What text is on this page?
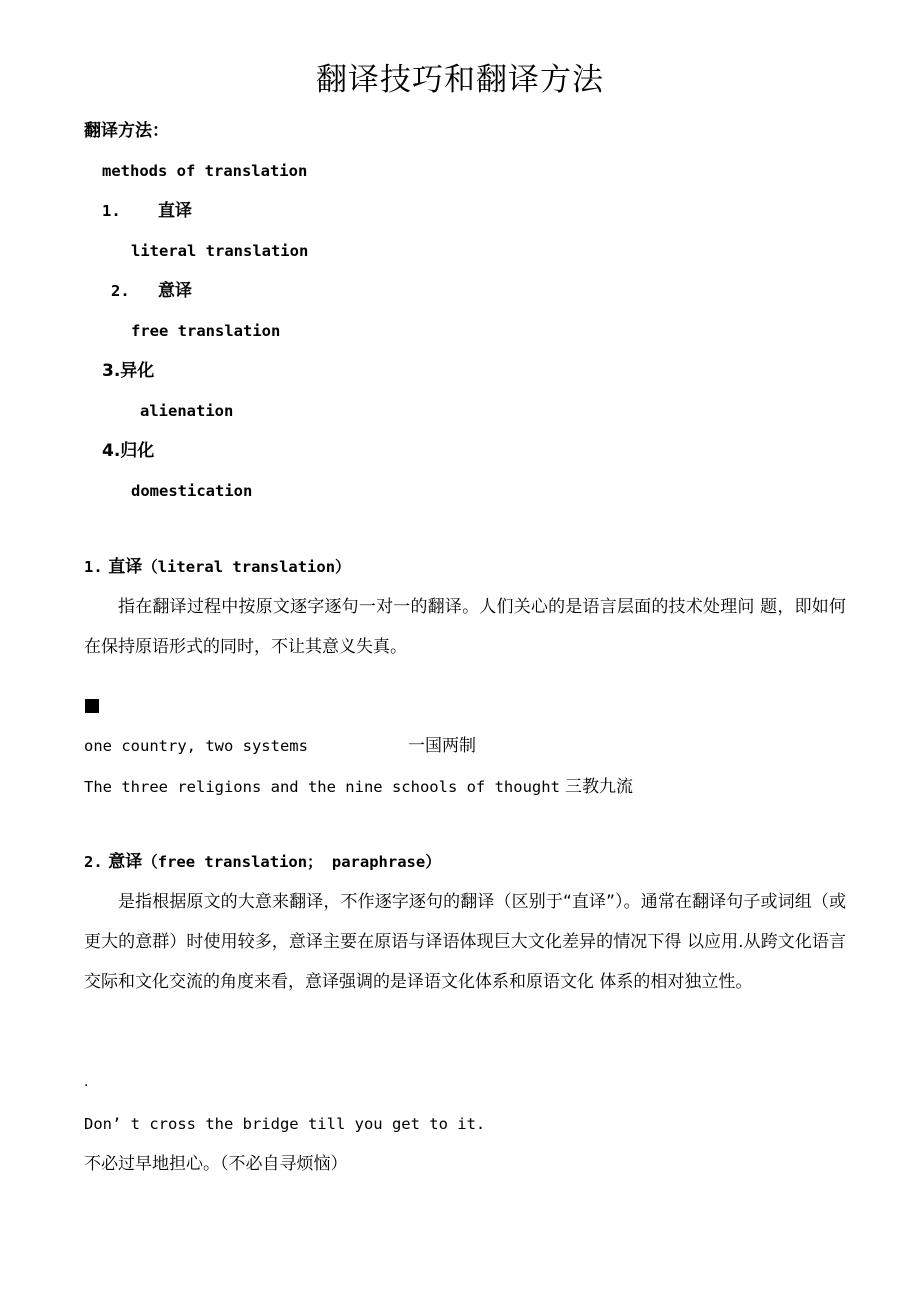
翻译技巧和翻译方法
翻译方法：
methods of translation
1. 直译
literal translation
2. 意译
free translation
3.异化
alienation
4.归化
domestication
1. 直译（literal translation）

指在翻译过程中按原文逐字逐句一对一的翻译。人们关心的是语言层面的技术处理问 题，即如何在保持原语形式的同时，不让其意义失真。

one country, two systems	一国两制
The three religions and the nine schools of thought 三教九流
2. 意译（free translation； paraphrase）

是指根据原文的大意来翻译，不作逐字逐句的翻译（区别于“直译”）。通常在翻译句子或词组（或更大的意群）时使用较多，意译主要在原语与译语体现巨大文化差异的情况下得 以应用.从跨文化语言交际和文化交流的角度来看，意译强调的是译语文化体系和原语文化 体系的相对独立性。

.
Don’ t cross the bridge till you get to it.
不必过早地担心。（不必自寻烦恼）
